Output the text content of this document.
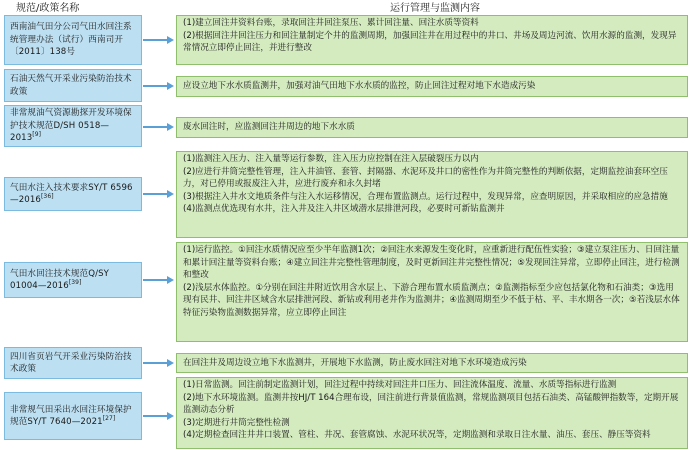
规范/政策名称	运行管理与监测内容
西南油气田分公司气田水回注系统管理办法（试行）西南司开〔2011〕138号
(1)建立回注井资料台账，录取回注井回注泵压、累计回注量、回注水质等资料
(2)根据回注井回注压力和回注量制定个井的监测周期，加强回注井在用过程中的井口、井场及周边河流、饮用水源的监测，发现异常情况立即停止回注，并进行整改
石油天然气开采业污染防治技术政策
应设立地下水水质监测井，加强对油气田地下水水质的监控，防止回注过程对地下水造成污染
非常规油气资源勘探开发环境保护技术规范D/SH 0518—2013[9]
废水回注时，应监测回注井周边的地下水水质
气田水注入技术要求SY/T 6596—2016[36]
(1)监测注入压力、注入量等运行参数，注入压力应控制在注入层破裂压力以内
(2)应进行井筒完整性管理，注入井油管、套管、封隔器、水泥环及井口的密性作为井筒完整性的判断依据，定期监控油套环空压力，对已停用或报废注入井，应进行废弃和永久封堵
(3)根据注入井水文地质条件与注入水运移情况，合理布置监测点。运行过程中，发现异常，应查明原因，并采取相应的应急措施
(4)监测点优选现有水井，注入井及注入井区域潜水层排泄河段，必要时可新钻监测井
气田水回注技术规范Q/SY 01004—2016[39]
(1)运行监控。①回注水质情况应至少半年监测1次；②回注水来源发生变化时，应重新进行配伍性实验；③建立泵注压力、日回注量和累计回注量等资料台账；④建立回注井完整性管理制度，及时更新回注井完整性情况；⑤发现回注异常，立即停止回注，进行检测和整改
(2)浅层水体监控。①分别在回注井附近饮用含水层上、下游合理布置水质监测点；②监测指标至少应包括氯化物和石油类；③选用现有民井、回注井区域含水层排泄河段、新钻或利用老井作为监测井；④监测周期至少不低于枯、平、丰水期各一次；⑤若浅层水体特征污染物监测数据异常，应立即停止回注
四川省页岩气开采业污染防治技术政策
在回注井及周边设立地下水监测井，开展地下水监测，防止废水回注对地下水环境造成污染
非常规气田采出水回注环境保护规范SY/T 7640—2021[27]
(1)日常监测。回注前制定监测计划，回注过程中持续对回注井口压力、回注流体温度、流量、水质等指标进行监测
(2)地下水环境监测。监测井按HJ/T 164合理布设，回注前进行背景值监测，常规监测项目包括石油类、高锰酸钾指数等，定期开展监测动态分析
(3)定期进行井筒完整性检测
(4)定期检查回注井井口装置、管柱、井况、套管腐蚀、水泥环状况等，定期监测和录取日注水量、油压、套压、静压等资料
